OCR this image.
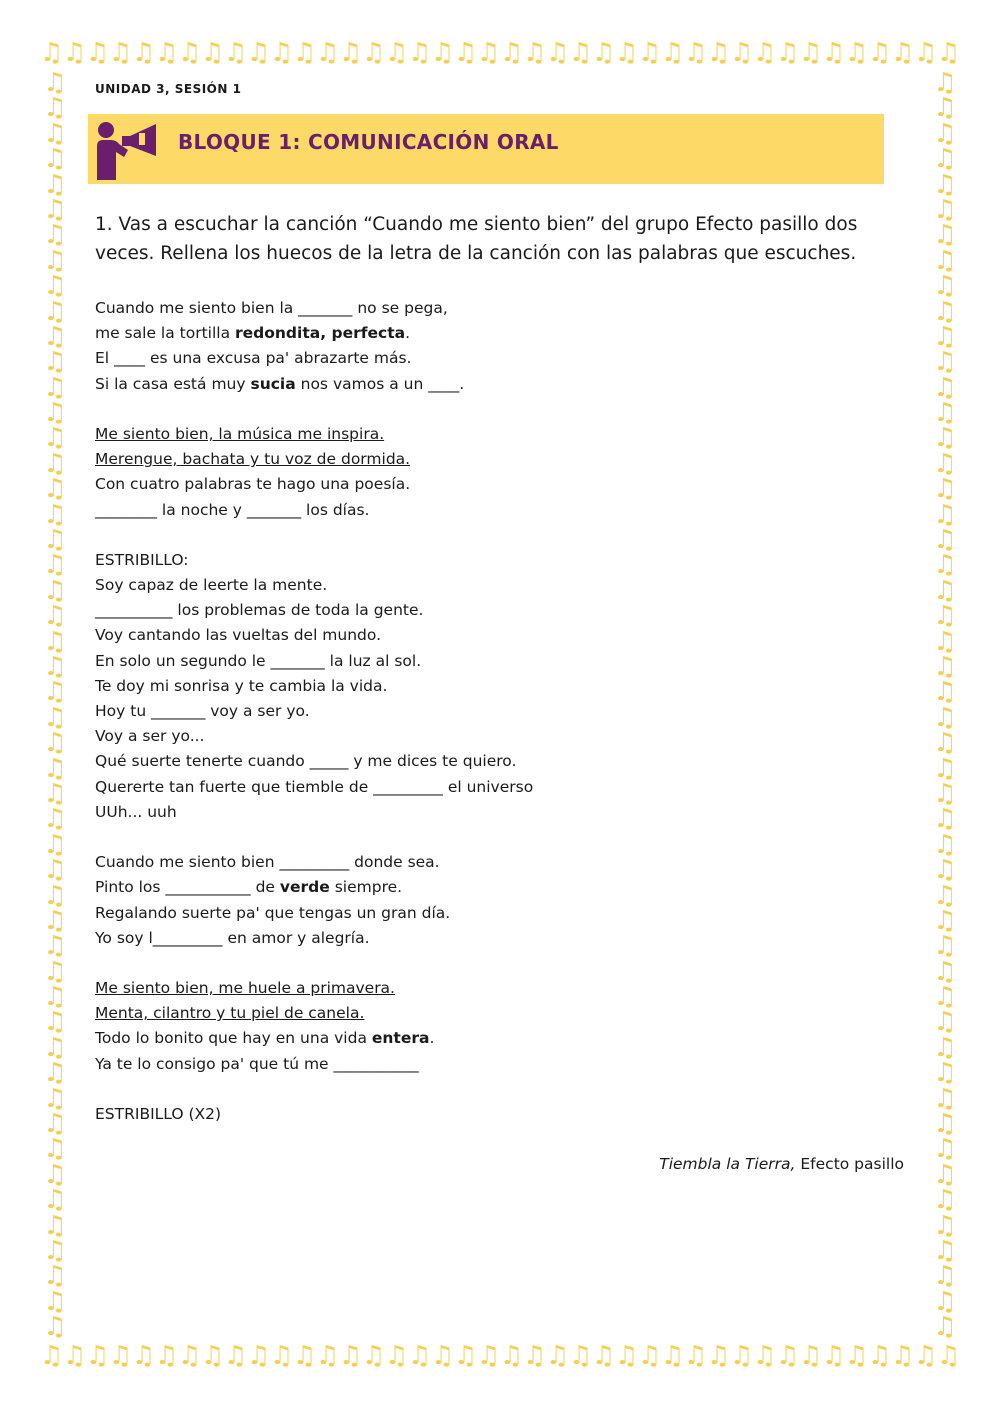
♫ ♫ ♫ ♫ ♫ ♫ ♫ ♫ ♫ ♫ ♫ ♫ ♫ ♫ ♫ ♫ ♫ ♫ ♫ ♫ ♫ ♫ ♫ ♫ ♫ ♫ ♫ ♫ ♫ ♫ ♫ ♫ ♫ ♫ ♫ ♫ ♫ ♫ ♫ ♫
♫ ♫ ♫ ♫ ♫ ♫ ♫ ♫ ♫ ♫ ♫ ♫ ♫ ♫ ♫ ♫ ♫ ♫ ♫ ♫ ♫ ♫ ♫ ♫ ♫ ♫ ♫ ♫ ♫ ♫ ♫ ♫ ♫ ♫ ♫ ♫ ♫ ♫ ♫ ♫
♫
♫
♫
♫
♫
♫
♫
♫
♫
♫
♫
♫
♫
♫
♫
♫
♫
♫
♫
♫
♫
♫
♫
♫
♫
♫
♫
♫
♫
♫
♫
♫
♫
♫
♫
♫
♫
♫
♫
♫
♫
♫
♫
♫
♫
♫
♫
♫
♫
♫
♫
♫
♫
♫
♫
♫
♫
♫
♫
♫
♫
♫
♫
♫
♫
♫
♫
♫
♫
♫
♫
♫
♫
♫
♫
♫
♫
♫
♫
♫
♫
♫
♫
♫
♫
♫
♫
♫
♫
♫
♫
♫
♫
♫
♫
♫
♫
♫
♫
♫
UNIDAD 3, SESIÓN 1
BLOQUE 1: COMUNICACIÓN ORAL
1. Vas a escuchar la canción “Cuando me siento bien” del grupo Efecto pasillo dos
veces. Rellena los huecos de la letra de la canción con las palabras que escuches.
Cuando me siento bien la _______ no se pega,
me sale la tortilla redondita, perfecta.
El ____ es una excusa pa' abrazarte más.
Si la casa está muy sucia nos vamos a un ____.
Me siento bien, la música me inspira.
Merengue, bachata y tu voz de dormida.
Con cuatro palabras te hago una poesía.
________ la noche y _______ los días.
ESTRIBILLO:
Soy capaz de leerte la mente.
__________ los problemas de toda la gente.
Voy cantando las vueltas del mundo.
En solo un segundo le _______ la luz al sol.
Te doy mi sonrisa y te cambia la vida.
Hoy tu _______ voy a ser yo.
Voy a ser yo...
Qué suerte tenerte cuando _____ y me dices te quiero.
Quererte tan fuerte que tiemble de _________ el universo
UUh... uuh
Cuando me siento bien _________ donde sea.
Pinto los ___________ de verde siempre.
Regalando suerte pa' que tengas un gran día.
Yo soy l_________ en amor y alegría.
Me siento bien, me huele a primavera.
Menta, cilantro y tu piel de canela.
Todo lo bonito que hay en una vida entera.
Ya te lo consigo pa' que tú me ___________
ESTRIBILLO (X2)
Tiembla la Tierra, Efecto pasillo
